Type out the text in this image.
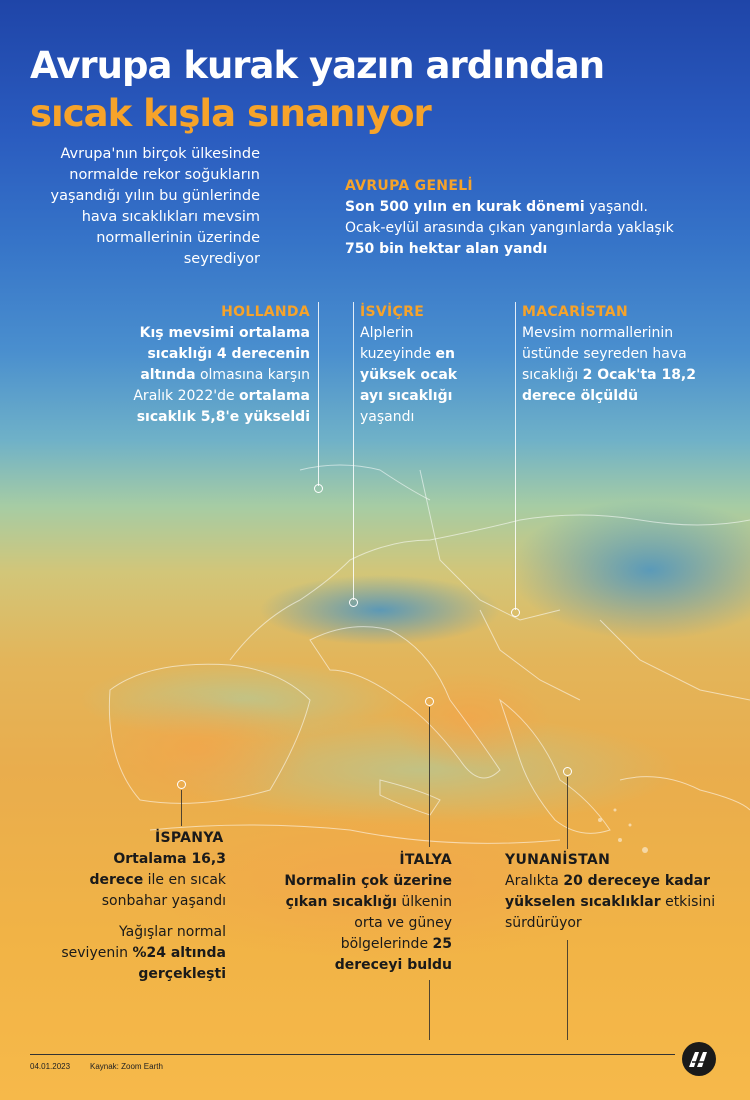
Avrupa kurak yazın ardından
sıcak kışla sınanıyor
Avrupa'nın birçok ülkesinde normalde rekor soğukların yaşandığı yılın bu günlerinde hava sıcaklıkları mevsim normallerinin üzerinde seyrediyor
AVRUPA GENELİ
Son 500 yılın en kurak dönemi yaşandı.
Ocak-eylül arasında çıkan yangınlarda yaklaşık
750 bin hektar alan yandı
HOLLANDA
Kış mevsimi ortalama sıcaklığı 4 derecenin altında olmasına karşın Aralık 2022'de ortalama sıcaklık 5,8'e yükseldi
İSVİÇRE
Alplerin kuzeyinde en yüksek ocak ayı sıcaklığı yaşandı
MACARİSTAN
Mevsim normallerinin üstünde seyreden hava sıcaklığı 2 Ocak'ta 18,2 derece ölçüldü
İSPANYA
Ortalama 16,3 derece ile en sıcak sonbahar yaşandı
Yağışlar normal seviyenin %24 altında gerçekleşti
İTALYA
Normalin çok üzerine çıkan sıcaklığı ülkenin orta ve güney bölgelerinde 25 dereceyi buldu
YUNANİSTAN
Aralıkta 20 dereceye kadar yükselen sıcaklıklar etkisini sürdürüyor
04.01.2023 Kaynak: Zoom Earth
